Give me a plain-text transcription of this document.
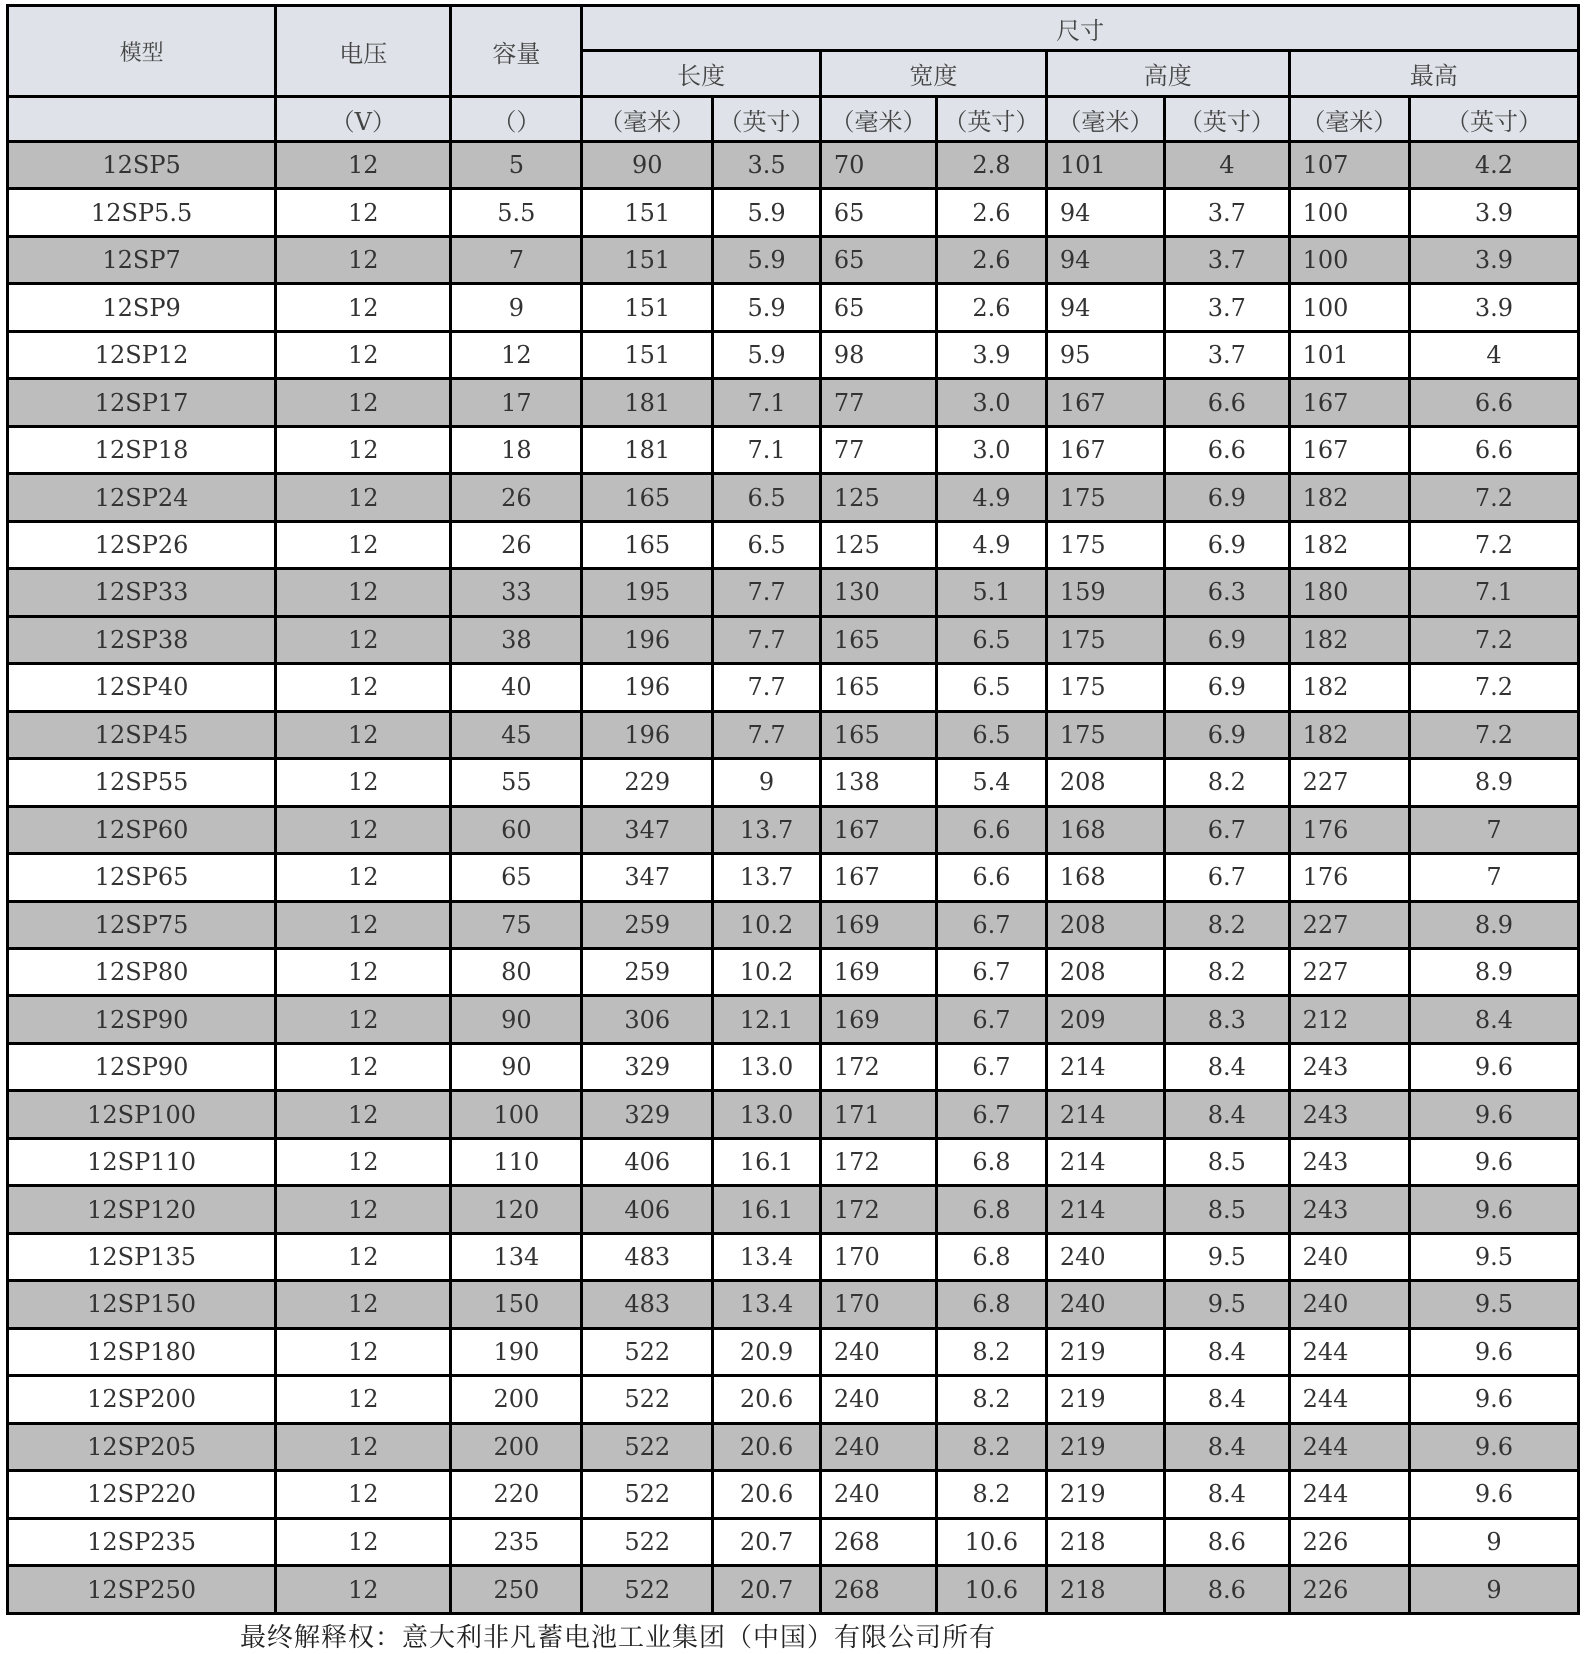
模型	电压	容量	尺寸							
			长度		宽度		高度		最高	
	（V）	（）	（毫米）	（英寸）	（毫米）	（英寸）	（毫米）	（英寸）	（毫米）	（英寸）
12SP5	12	5	90	3.5	70	2.8	101	4	107	4.2
12SP5.5	12	5.5	151	5.9	65	2.6	94	3.7	100	3.9
12SP7	12	7	151	5.9	65	2.6	94	3.7	100	3.9
12SP9	12	9	151	5.9	65	2.6	94	3.7	100	3.9
12SP12	12	12	151	5.9	98	3.9	95	3.7	101	4
12SP17	12	17	181	7.1	77	3.0	167	6.6	167	6.6
12SP18	12	18	181	7.1	77	3.0	167	6.6	167	6.6
12SP24	12	26	165	6.5	125	4.9	175	6.9	182	7.2
12SP26	12	26	165	6.5	125	4.9	175	6.9	182	7.2
12SP33	12	33	195	7.7	130	5.1	159	6.3	180	7.1
12SP38	12	38	196	7.7	165	6.5	175	6.9	182	7.2
12SP40	12	40	196	7.7	165	6.5	175	6.9	182	7.2
12SP45	12	45	196	7.7	165	6.5	175	6.9	182	7.2
12SP55	12	55	229	9	138	5.4	208	8.2	227	8.9
12SP60	12	60	347	13.7	167	6.6	168	6.7	176	7
12SP65	12	65	347	13.7	167	6.6	168	6.7	176	7
12SP75	12	75	259	10.2	169	6.7	208	8.2	227	8.9
12SP80	12	80	259	10.2	169	6.7	208	8.2	227	8.9
12SP90	12	90	306	12.1	169	6.7	209	8.3	212	8.4
12SP90	12	90	329	13.0	172	6.7	214	8.4	243	9.6
12SP100	12	100	329	13.0	171	6.7	214	8.4	243	9.6
12SP110	12	110	406	16.1	172	6.8	214	8.5	243	9.6
12SP120	12	120	406	16.1	172	6.8	214	8.5	243	9.6
12SP135	12	134	483	13.4	170	6.8	240	9.5	240	9.5
12SP150	12	150	483	13.4	170	6.8	240	9.5	240	9.5
12SP180	12	190	522	20.9	240	8.2	219	8.4	244	9.6
12SP200	12	200	522	20.6	240	8.2	219	8.4	244	9.6
12SP205	12	200	522	20.6	240	8.2	219	8.4	244	9.6
12SP220	12	220	522	20.6	240	8.2	219	8.4	244	9.6
12SP235	12	235	522	20.7	268	10.6	218	8.6	226	9
12SP250	12	250	522	20.7	268	10.6	218	8.6	226	9
最终解释权：意大利非凡蓄电池工业集团（中国）有限公司所有
